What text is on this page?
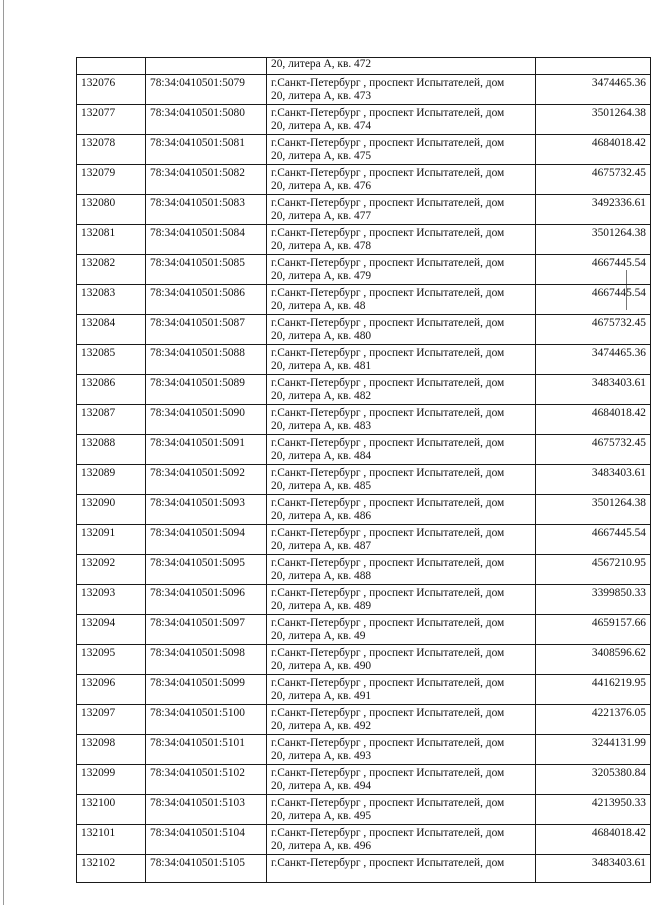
		20, литера А, кв. 472	

132076	78:34:0410501:5079	г.Санкт-Петербург , проспект Испытателей, дом
20, литера А, кв. 473	3474465.36

132077	78:34:0410501:5080	г.Санкт-Петербург , проспект Испытателей, дом
20, литера А, кв. 474	3501264.38

132078	78:34:0410501:5081	г.Санкт-Петербург , проспект Испытателей, дом
20, литера А, кв. 475	4684018.42

132079	78:34:0410501:5082	г.Санкт-Петербург , проспект Испытателей, дом
20, литера А, кв. 476	4675732.45

132080	78:34:0410501:5083	г.Санкт-Петербург , проспект Испытателей, дом
20, литера А, кв. 477	3492336.61

132081	78:34:0410501:5084	г.Санкт-Петербург , проспект Испытателей, дом
20, литера А, кв. 478	3501264.38

132082	78:34:0410501:5085	г.Санкт-Петербург , проспект Испытателей, дом
20, литера А, кв. 479	4667445.54

132083	78:34:0410501:5086	г.Санкт-Петербург , проспект Испытателей, дом
20, литера А, кв. 48	4667445.54

132084	78:34:0410501:5087	г.Санкт-Петербург , проспект Испытателей, дом
20, литера А, кв. 480	4675732.45

132085	78:34:0410501:5088	г.Санкт-Петербург , проспект Испытателей, дом
20, литера А, кв. 481	3474465.36

132086	78:34:0410501:5089	г.Санкт-Петербург , проспект Испытателей, дом
20, литера А, кв. 482	3483403.61

132087	78:34:0410501:5090	г.Санкт-Петербург , проспект Испытателей, дом
20, литера А, кв. 483	4684018.42

132088	78:34:0410501:5091	г.Санкт-Петербург , проспект Испытателей, дом
20, литера А, кв. 484	4675732.45

132089	78:34:0410501:5092	г.Санкт-Петербург , проспект Испытателей, дом
20, литера А, кв. 485	3483403.61

132090	78:34:0410501:5093	г.Санкт-Петербург , проспект Испытателей, дом
20, литера А, кв. 486	3501264.38

132091	78:34:0410501:5094	г.Санкт-Петербург , проспект Испытателей, дом
20, литера А, кв. 487	4667445.54

132092	78:34:0410501:5095	г.Санкт-Петербург , проспект Испытателей, дом
20, литера А, кв. 488	4567210.95

132093	78:34:0410501:5096	г.Санкт-Петербург , проспект Испытателей, дом
20, литера А, кв. 489	3399850.33

132094	78:34:0410501:5097	г.Санкт-Петербург , проспект Испытателей, дом
20, литера А, кв. 49	4659157.66

132095	78:34:0410501:5098	г.Санкт-Петербург , проспект Испытателей, дом
20, литера А, кв. 490	3408596.62

132096	78:34:0410501:5099	г.Санкт-Петербург , проспект Испытателей, дом
20, литера А, кв. 491	4416219.95

132097	78:34:0410501:5100	г.Санкт-Петербург , проспект Испытателей, дом
20, литера А, кв. 492	4221376.05

132098	78:34:0410501:5101	г.Санкт-Петербург , проспект Испытателей, дом
20, литера А, кв. 493	3244131.99

132099	78:34:0410501:5102	г.Санкт-Петербург , проспект Испытателей, дом
20, литера А, кв. 494	3205380.84

132100	78:34:0410501:5103	г.Санкт-Петербург , проспект Испытателей, дом
20, литера А, кв. 495	4213950.33

132101	78:34:0410501:5104	г.Санкт-Петербург , проспект Испытателей, дом
20, литера А, кв. 496	4684018.42

132102	78:34:0410501:5105	г.Санкт-Петербург , проспект Испытателей, дом	3483403.61
